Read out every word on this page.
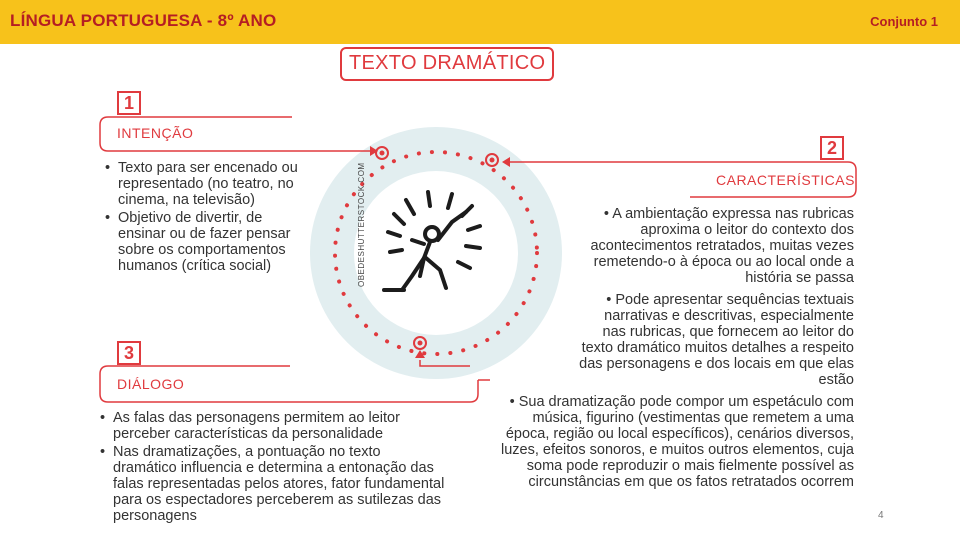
LÍNGUA PORTUGUESA - 8º ANO	Conjunto 1
OBEDESHUTTERSTOCK.COM
TEXTO DRAMÁTICO
1
INTENÇÃO
• Texto para ser encenado ou representado (no teatro, no cinema, na televisão)
• Objetivo de divertir, de ensinar ou de fazer pensar sobre os comportamentos humanos (crítica social)
2
CARACTERÍSTICAS
• A ambientação expressa nas rubricas aproxima o leitor do contexto dos acontecimentos retratados, muitas vezes remetendo-o à época ou ao local onde a história se passa
• Pode apresentar sequências textuais narrativas e descritivas, especialmente nas rubricas, que fornecem ao leitor do texto dramático muitos detalhes a respeito das personagens e dos locais em que elas estão
• Sua dramatização pode compor um espetáculo com música, figurino (vestimentas que remetem a uma época, região ou local específicos), cenários diversos, luzes, efeitos sonoros, e muitos outros elementos, cuja soma pode reproduzir o mais fielmente possível as circunstâncias em que os fatos retratados ocorrem
3
DIÁLOGO
• As falas das personagens permitem ao leitor perceber características da personalidade
• Nas dramatizações, a pontuação no texto dramático influencia e determina a entonação das falas representadas pelos atores, fator fundamental para os espectadores perceberem as sutilezas das personagens	4
